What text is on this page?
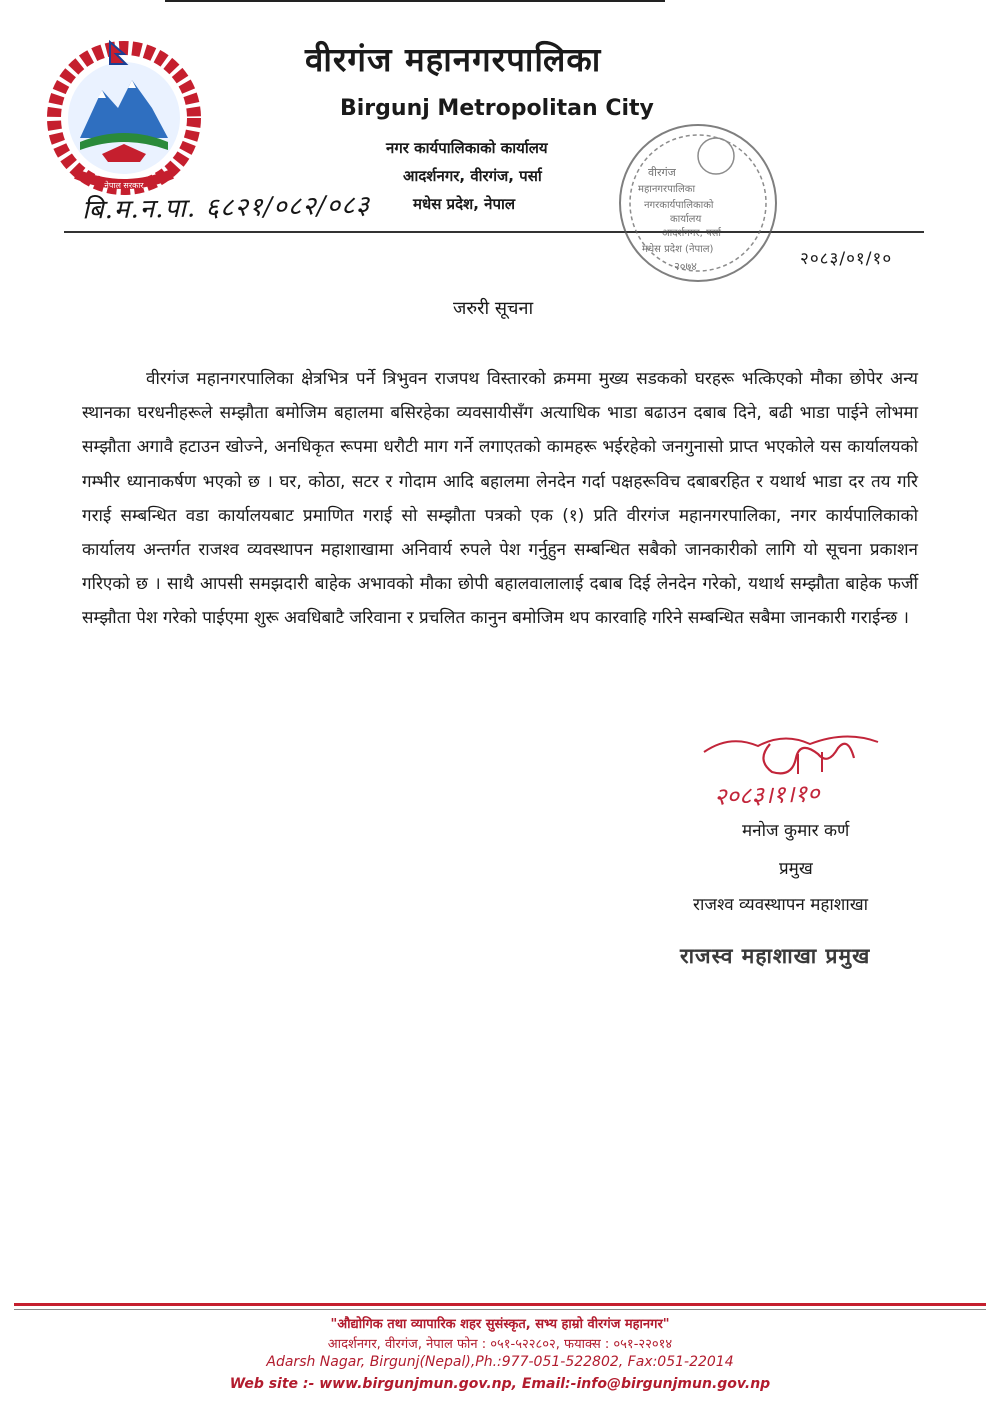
नेपाल सरकार
वीरगंज महानगरपालिका
Birgunj Metropolitan City
नगर कार्यपालिकाको कार्यालय
आदर्शनगर, वीरगंज, पर्सा
मधेस प्रदेश, नेपाल
बि.म.न.पा. ६८२१/०८२/०८३
वीरगंज
महानगरपालिका
नगरकार्यपालिकाको
कार्यालय
आदर्शनगर, पर्सा
मधेस प्रदेश (नेपाल)
२०७४	२०८३/०१/१०
जरुरी सूचना

वीरगंज महानगरपालिका क्षेत्रभित्र पर्ने त्रिभुवन राजपथ विस्तारको क्रममा मुख्य सडकको घरहरू भत्किएको मौका छोपेर अन्य स्थानका घरधनीहरूले सम्झौता बमोजिम बहालमा बसिरहेका व्यवसायीसँग अत्याधिक भाडा बढाउन दबाब दिने, बढी भाडा पाईने लोभमा सम्झौता अगावै हटाउन खोज्ने, अनधिकृत रूपमा धरौटी माग गर्ने लगाएतको कामहरू भईरहेको जनगुनासो प्राप्त भएकोले यस कार्यालयको गम्भीर ध्यानाकर्षण भएको छ । घर, कोठा, सटर र गोदाम आदि बहालमा लेनदेन गर्दा पक्षहरूविच दबाबरहित र यथार्थ भाडा दर तय गरि गराई सम्बन्धित वडा कार्यालयबाट प्रमाणित गराई सो सम्झौता पत्रको एक (१) प्रति वीरगंज महानगरपालिका, नगर कार्यपालिकाको कार्यालय अन्तर्गत राजश्व व्यवस्थापन महाशाखामा अनिवार्य रुपले पेश गर्नुहुन सम्बन्धित सबैको जानकारीको लागि यो सूचना प्रकाशन गरिएको छ । साथै आपसी समझदारी बाहेक अभावको मौका छोपी बहालवालालाई दबाब दिई लेनदेन गरेको, यथार्थ सम्झौता बाहेक फर्जी सम्झौता पेश गरेको पाईएमा शुरू अवधिबाटै जरिवाना र प्रचलित कानुन बमोजिम थप कारवाहि गरिने सम्बन्धित सबैमा जानकारी गराईन्छ ।

२०८३।१।१०
मनोज कुमार कर्ण
प्रमुख
राजश्व व्यवस्थापन महाशाखा
राजस्व महाशाखा प्रमुख
"औद्योगिक तथा व्यापारिक शहर सुसंस्कृत, सभ्य हाम्रो वीरगंज महानगर"
आदर्शनगर, वीरगंज, नेपाल फोन : ०५१-५२२८०२, फयाक्स : ०५१-२२०१४
Adarsh Nagar, Birgunj(Nepal),Ph.:977-051-522802, Fax:051-22014
Web site :- www.birgunjmun.gov.np, Email:-info@birgunjmun.gov.np
